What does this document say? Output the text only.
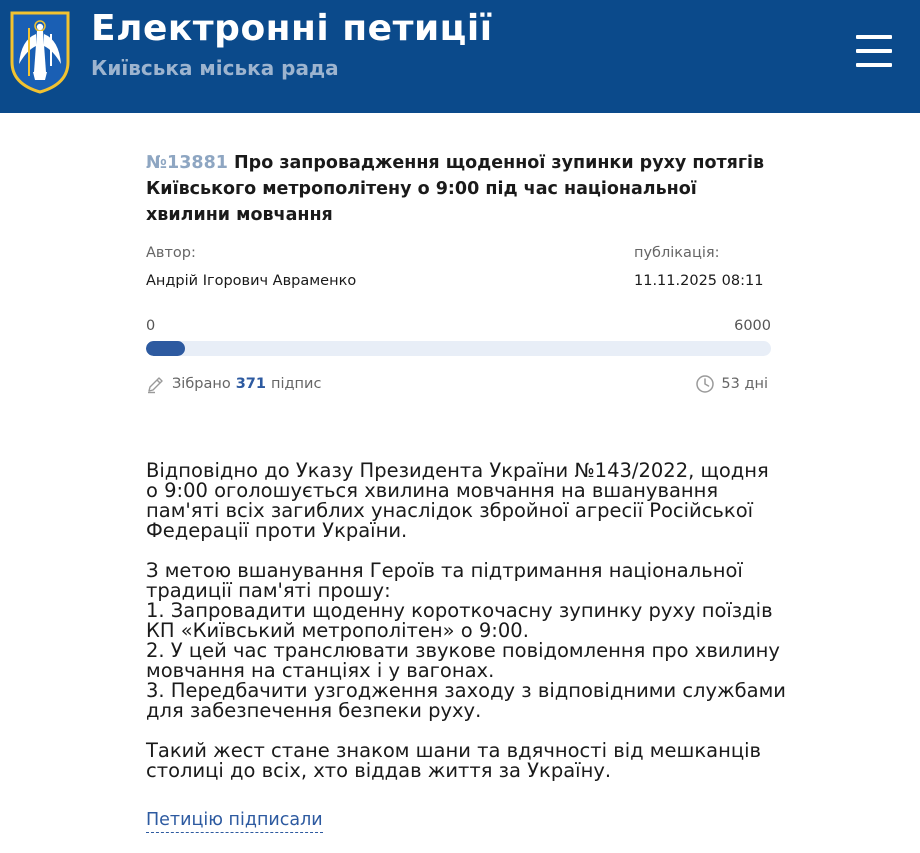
Електронні петиції
Київська міська рада
№13881 Про запровадження щоденної зупинки руху потягів Київського метрополітену о 9:00 під час національної хвилини мовчання
Автор:
Андрій Ігорович Авраменко
публікація:
11.11.2025 08:11
0	6000
Зібрано 371 підпис	53 дні

Відповідно до Указу Президента України №143/2022, щодня о 9:00 оголошується хвилина мовчання на вшанування пам'яті всіх загиблих унаслідок збройної агресії Російської Федерації проти України.

З метою вшанування Героїв та підтримання національної традиції пам'яті прошу:
1. Запровадити щоденну короткочасну зупинку руху поїздів КП «Київський метрополітен» о 9:00.
2. У цей час транслювати звукове повідомлення про хвилину мовчання на станціях і у вагонах.
3. Передбачити узгодження заходу з відповідними службами для забезпечення безпеки руху.

Такий жест стане знаком шани та вдячності від мешканців столиці до всіх, хто віддав життя за Україну.

Петицію підписали
